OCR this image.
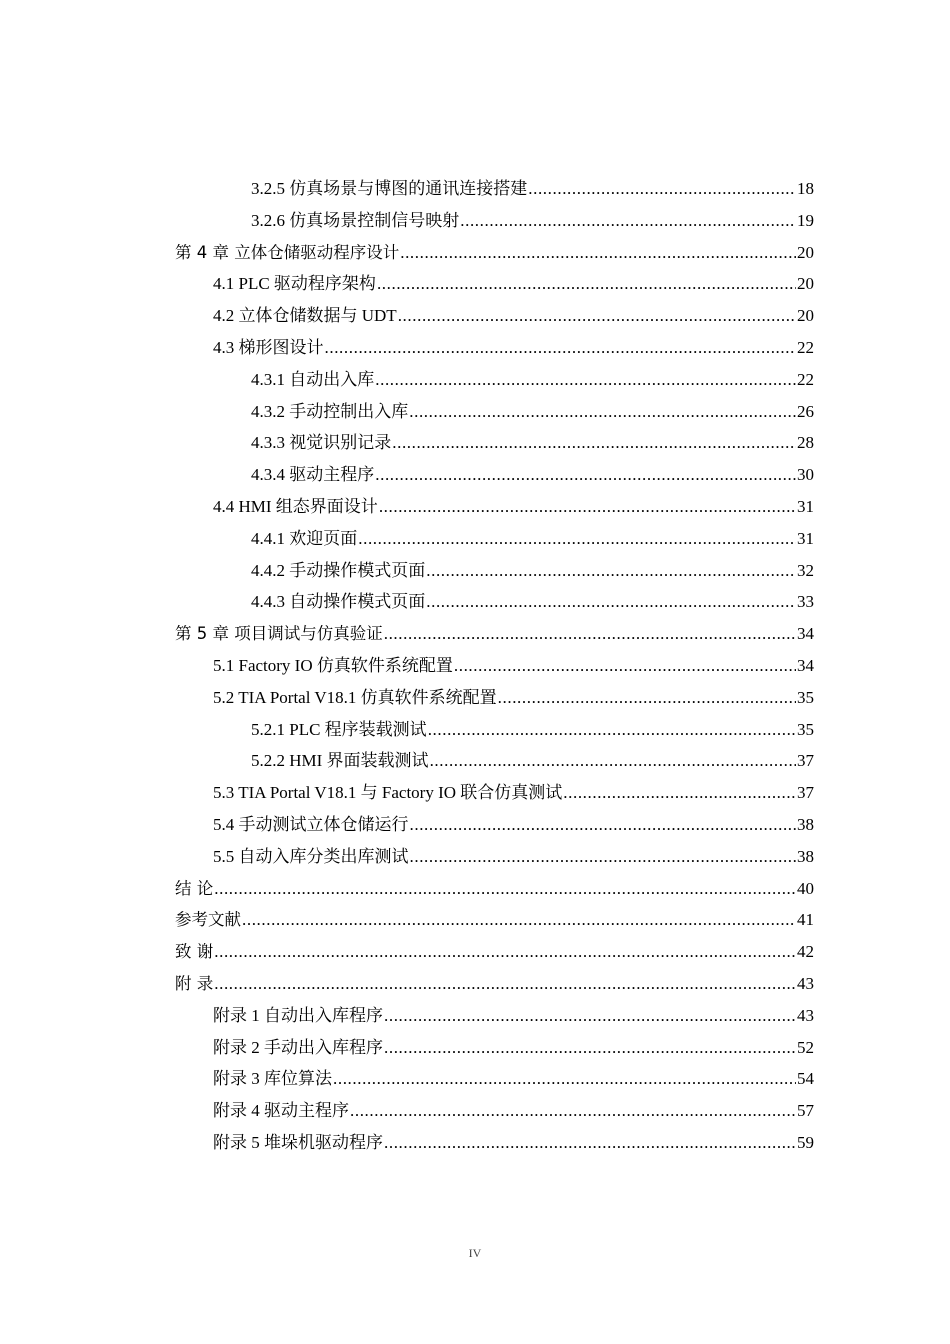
3.2.5 仿真场景与博图的通讯连接搭建 .....	18
3.2.6 仿真场景控制信号映射 .....	19
第 4 章 立体仓储驱动程序设计 .....	20
4.1 PLC 驱动程序架构 .....	20
4.2 立体仓储数据与 UDT .....	20
4.3 梯形图设计 .....	22
4.3.1 自动出入库 .....	22
4.3.2 手动控制出入库 .....	26
4.3.3 视觉识别记录 .....	28
4.3.4 驱动主程序 .....	30
4.4 HMI 组态界面设计 .....	31
4.4.1 欢迎页面 .....	31
4.4.2 手动操作模式页面 .....	32
4.4.3 自动操作模式页面 .....	33
第 5 章 项目调试与仿真验证 .....	34
5.1 Factory IO 仿真软件系统配置 .....	34
5.2 TIA Portal V18.1 仿真软件系统配置 .....	35
5.2.1 PLC 程序装载测试 .....	35
5.2.2 HMI 界面装载测试 .....	37
5.3 TIA Portal V18.1 与 Factory IO 联合仿真测试 .....	37
5.4 手动测试立体仓储运行 .....	38
5.5 自动入库分类出库测试 .....	38
结 论 .....	40
参考文献 .....	41
致 谢 .....	42
附 录 .....	43
附录 1 自动出入库程序 .....	43
附录 2 手动出入库程序 .....	52
附录 3 库位算法 .....	54
附录 4 驱动主程序 .....	57
附录 5 堆垛机驱动程序 .....	59
IV
